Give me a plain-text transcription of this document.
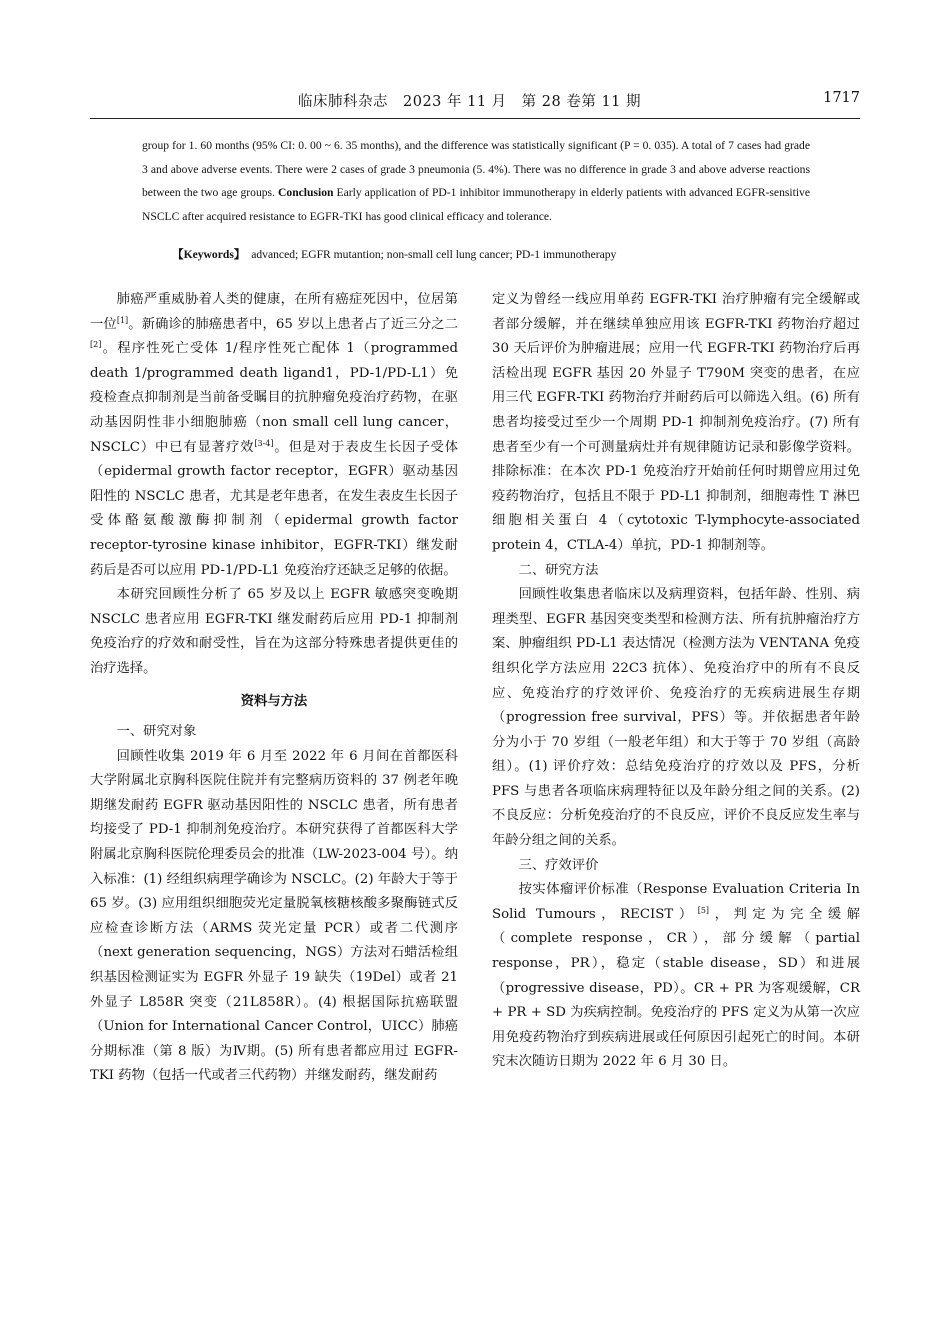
临床肺科杂志　2023 年 11 月　第 28 卷第 11 期	1717

group for 1. 60 months (95% CI: 0. 00 ~ 6. 35 months), and the difference was statistically significant (P = 0. 035). A total of 7 cases had grade 3 and above adverse events. There were 2 cases of grade 3 pneumonia (5. 4%). There was no difference in grade 3 and above adverse reactions between the two age groups. Conclusion Early application of PD-1 inhibitor immunotherapy in elderly patients with advanced EGFR-sensitive NSCLC after acquired resistance to EGFR-TKI has good clinical efficacy and tolerance.

【Keywords】 advanced; EGFR mutantion; non-small cell lung cancer; PD-1 immunotherapy

肺癌严重威胁着人类的健康，在所有癌症死因中，位居第一位[1]。新确诊的肺癌患者中，65 岁以上患者占了近三分之二[2]。程序性死亡受体 1/程序性死亡配体 1（programmed death 1/programmed death ligand1，PD-1/PD-L1）免疫检查点抑制剂是当前备受瞩目的抗肿瘤免疫治疗药物，在驱动基因阴性非小细胞肺癌（non small cell lung cancer，NSCLC）中已有显著疗效[3-4]。但是对于表皮生长因子受体（epidermal growth factor receptor，EGFR）驱动基因阳性的 NSCLC 患者，尤其是老年患者，在发生表皮生长因子受体酪氨酸激酶抑制剂（epidermal growth factor receptor-tyrosine kinase inhibitor，EGFR-TKI）继发耐药后是否可以应用 PD-1/PD-L1 免疫治疗还缺乏足够的依据。

本研究回顾性分析了 65 岁及以上 EGFR 敏感突变晚期 NSCLC 患者应用 EGFR-TKI 继发耐药后应用 PD-1 抑制剂免疫治疗的疗效和耐受性，旨在为这部分特殊患者提供更佳的治疗选择。

资料与方法

一、研究对象

回顾性收集 2019 年 6 月至 2022 年 6 月间在首都医科大学附属北京胸科医院住院并有完整病历资料的 37 例老年晚期继发耐药 EGFR 驱动基因阳性的 NSCLC 患者，所有患者均接受了 PD-1 抑制剂免疫治疗。本研究获得了首都医科大学附属北京胸科医院伦理委员会的批准（LW-2023-004 号）。纳入标准：(1) 经组织病理学确诊为 NSCLC。(2) 年龄大于等于 65 岁。(3) 应用组织细胞荧光定量脱氧核糖核酸多聚酶链式反应检查诊断方法（ARMS 荧光定量 PCR）或者二代测序（next generation sequencing，NGS）方法对石蜡活检组织基因检测证实为 EGFR 外显子 19 缺失（19Del）或者 21 外显子 L858R 突变（21L858R）。(4) 根据国际抗癌联盟（Union for International Cancer Control，UICC）肺癌分期标准（第 8 版）为Ⅳ期。(5) 所有患者都应用过 EGFR-TKI 药物（包括一代或者三代药物）并继发耐药，继发耐药

定义为曾经一线应用单药 EGFR-TKI 治疗肿瘤有完全缓解或者部分缓解，并在继续单独应用该 EGFR-TKI 药物治疗超过 30 天后评价为肿瘤进展；应用一代 EGFR-TKI 药物治疗后再活检出现 EGFR 基因 20 外显子 T790M 突变的患者，在应用三代 EGFR-TKI 药物治疗并耐药后可以筛选入组。(6) 所有患者均接受过至少一个周期 PD-1 抑制剂免疫治疗。(7) 所有患者至少有一个可测量病灶并有规律随访记录和影像学资料。排除标准：在本次 PD-1 免疫治疗开始前任何时期曾应用过免疫药物治疗，包括且不限于 PD-L1 抑制剂，细胞毒性 T 淋巴细胞相关蛋白 4（cytotoxic T-lymphocyte-associated protein 4，CTLA-4）单抗，PD-1 抑制剂等。

二、研究方法

回顾性收集患者临床以及病理资料，包括年龄、性别、病理类型、EGFR 基因突变类型和检测方法、所有抗肿瘤治疗方案、肿瘤组织 PD-L1 表达情况（检测方法为 VENTANA 免疫组织化学方法应用 22C3 抗体）、免疫治疗中的所有不良反应、免疫治疗的疗效评价、免疫治疗的无疾病进展生存期（progression free survival，PFS）等。并依据患者年龄分为小于 70 岁组（一般老年组）和大于等于 70 岁组（高龄组）。(1) 评价疗效：总结免疫治疗的疗效以及 PFS，分析 PFS 与患者各项临床病理特征以及年龄分组之间的关系。(2) 不良反应：分析免疫治疗的不良反应，评价不良反应发生率与年龄分组之间的关系。

三、疗效评价

按实体瘤评价标准（Response Evaluation Criteria In Solid Tumours，RECIST）[5]，判定为完全缓解（complete response，CR），部分缓解（partial response，PR），稳定（stable disease，SD）和进展（progressive disease，PD）。CR + PR 为客观缓解，CR + PR + SD 为疾病控制。免疫治疗的 PFS 定义为从第一次应用免疫药物治疗到疾病进展或任何原因引起死亡的时间。本研究末次随访日期为 2022 年 6 月 30 日。
